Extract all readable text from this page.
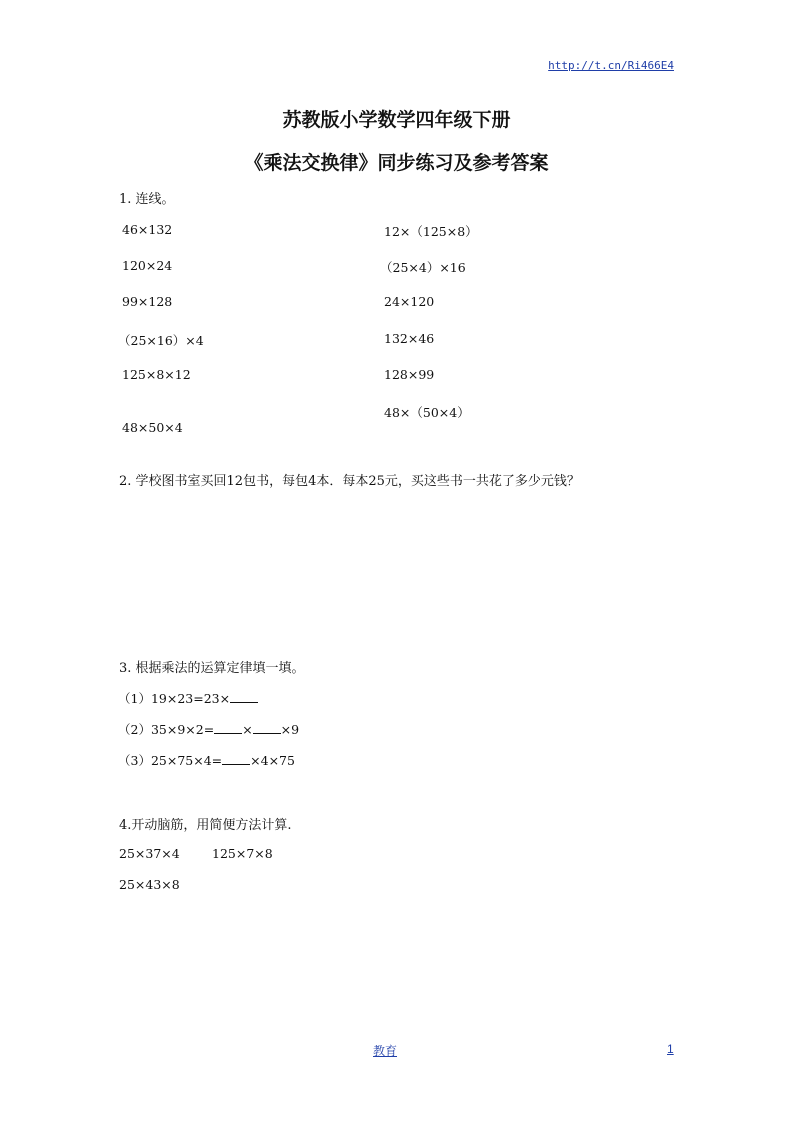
http://t.cn/Ri466E4
苏教版小学数学四年级下册
《乘法交换律》同步练习及参考答案
1. 连线。
46×132
120×24
99×128
（25×16）×4
125×8×12
48×50×4
12×（125×8）
（25×4）×16
24×120
132×46
128×99
48×（50×4）
2. 学校图书室买回12包书，每包4本．每本25元，买这些书一共花了多少元钱？
3. 根据乘法的运算定律填一填。
（1）19×23=23×
（2）35×9×2= × ×9
（3）25×75×4= ×4×75
4.开动脑筋，用简便方法计算.
25×37×4	125×7×8
25×43×8
教育	1
